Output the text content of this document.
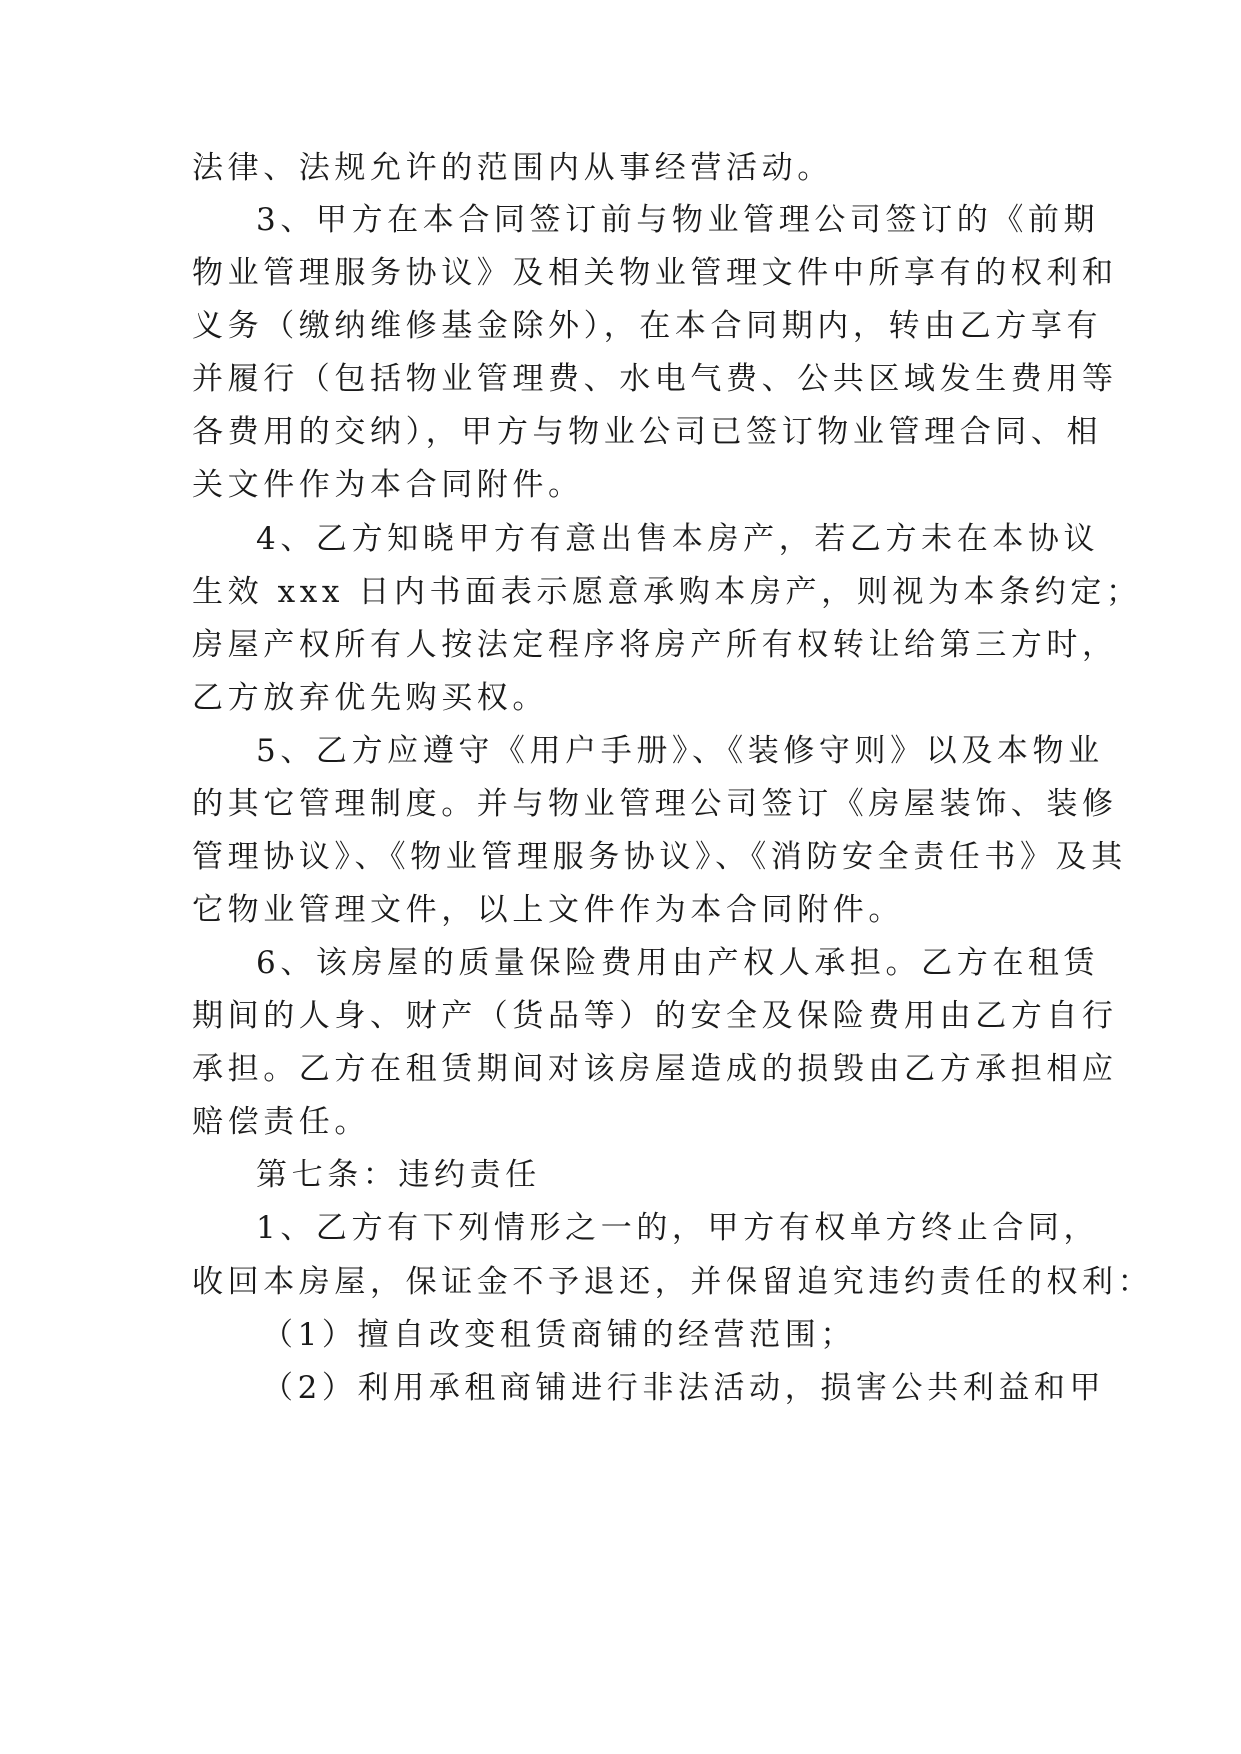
法律、法规允许的范围内从事经营活动。
3、甲方在本合同签订前与物业管理公司签订的《前期
物业管理服务协议》及相关物业管理文件中所享有的权利和
义务（缴纳维修基金除外），在本合同期内，转由乙方享有
并履行（包括物业管理费、水电气费、公共区域发生费用等
各费用的交纳），甲方与物业公司已签订物业管理合同、相
关文件作为本合同附件。
4、乙方知晓甲方有意出售本房产，若乙方未在本协议
生效 xxx 日内书面表示愿意承购本房产，则视为本条约定；
房屋产权所有人按法定程序将房产所有权转让给第三方时，
乙方放弃优先购买权。
5、乙方应遵守《用户手册》、《装修守则》以及本物业
的其它管理制度。并与物业管理公司签订《房屋装饰、装修
管理协议》、《物业管理服务协议》、《消防安全责任书》及其
它物业管理文件，以上文件作为本合同附件。
6、该房屋的质量保险费用由产权人承担。乙方在租赁
期间的人身、财产（货品等）的安全及保险费用由乙方自行
承担。乙方在租赁期间对该房屋造成的损毁由乙方承担相应
赔偿责任。
第七条：违约责任
1、乙方有下列情形之一的，甲方有权单方终止合同，
收回本房屋，保证金不予退还，并保留追究违约责任的权利：
（1）擅自改变租赁商铺的经营范围；
（2）利用承租商铺进行非法活动，损害公共利益和甲
